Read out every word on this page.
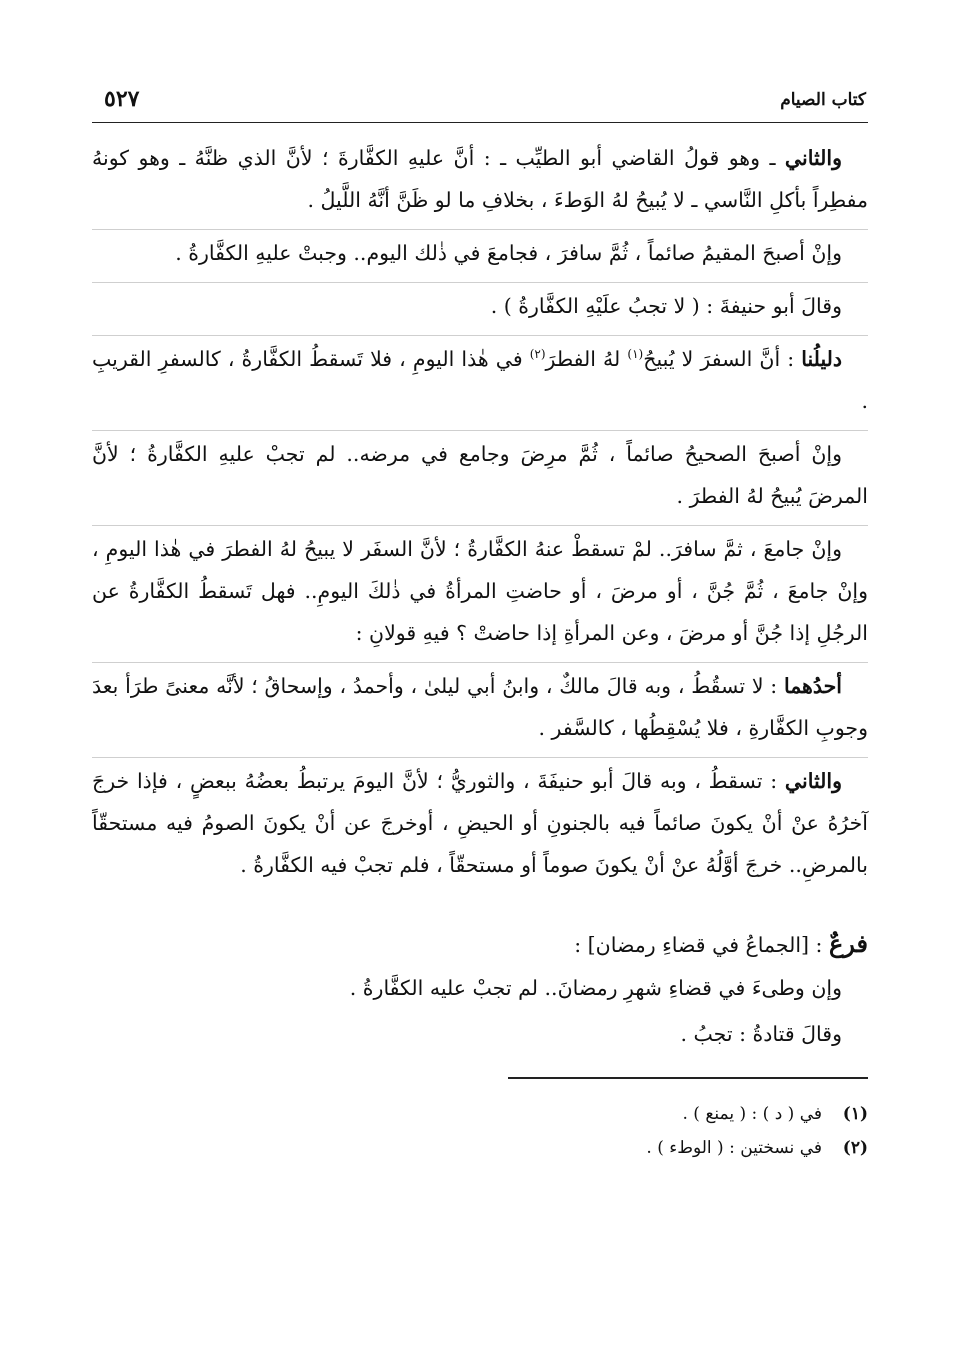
كتاب الصيام
٥٢٧

والثاني ـ وهو قولُ القاضي أبو الطيِّب ـ : أنَّ عليهِ الكفَّارةَ ؛ لأنَّ الذي ظنَّهُ ـ وهو كونهُ مفطِراً بأكلِ النَّاسي ـ لا يُبيحُ لهُ الوَطءَ ، بخلافِ ما لو ظَنَّ أنَّهُ اللَّيلُ .

وإنْ أصبحَ المقيمُ صائماً ، ثُمَّ سافرَ ، فجامعَ في ذٰلك اليوم.. وجبتْ عليهِ الكفَّارةُ .

وقالَ أبو حنيفةَ : ( لا تجبُ علَيْهِ الكفَّارةُ ) .

دليلُنا : أنَّ السفرَ لا يُبيحُ$^{(١)}$ لهُ الفطرَ$^{(٢)}$ في هٰذا اليومِ ، فلا تَسقطُ الكفَّارةُ ، كالسفرِ القريبِ .

وإنْ أصبحَ الصحيحُ صائماً ، ثُمَّ مرِضَ وجامع في مرضه.. لم تجبْ عليهِ الكفَّارةُ ؛ لأنَّ المرضَ يُبيحُ لهُ الفطرَ .

وإنْ جامعَ ، ثمَّ سافرَ.. لمْ تسقطْ عنهُ الكفَّارةُ ؛ لأنَّ السفَر لا يبيحُ لهُ الفطرَ في هٰذا اليومِ ، وإنْ جامعَ ، ثُمَّ جُنَّ ، أو مرضَ ، أو حاضتِ المرأةُ في ذٰلكَ اليومِ.. فهل تَسقطُ الكفَّارةُ عن الرجُلِ إذا جُنَّ أو مرضَ ، وعن المرأةِ إذا حاضتْ ؟ فيهِ قولانِ :

أحدُهما : لا تسقُطُ ، وبه قالَ مالكٌ ، وابنُ أبي ليلىٰ ، وأحمدُ ، وإسحاقُ ؛ لأنَّه معنىً طرَأ بعدَ وجوبِ الكفَّارةِ ، فلا يُسْقِطُها ، كالسَّفر .

والثاني : تسقطُ ، وبه قالَ أبو حنيفَةَ ، والثوريُّ ؛ لأنَّ اليومَ يرتبطُ بعضُهُ ببعضٍ ، فإذا خرجَ آخرُهُ عنْ أنْ يكونَ صائماً فيه بالجنونِ أو الحيضِ ، أوخرجَ عن أنْ يكونَ الصومُ فيه مستحقّاً بالمرضِ.. خرجَ أوَّلُهُ عنْ أنْ يكونَ صوماً أو مستحقّاً ، فلم تجبْ فيه الكفَّارةُ .

فرعٌ : [الجماعُ في قضاءِ رمضان] :

وإن وطىءَ في قضاءِ شهرِ رمضانَ.. لم تجبْ عليه الكفَّارةُ .

وقالَ قتادةُ : تجبُ .

(١)في ( د ) : ( يمنع ) .

(٢)في نسختين : ( الوطء ) .
